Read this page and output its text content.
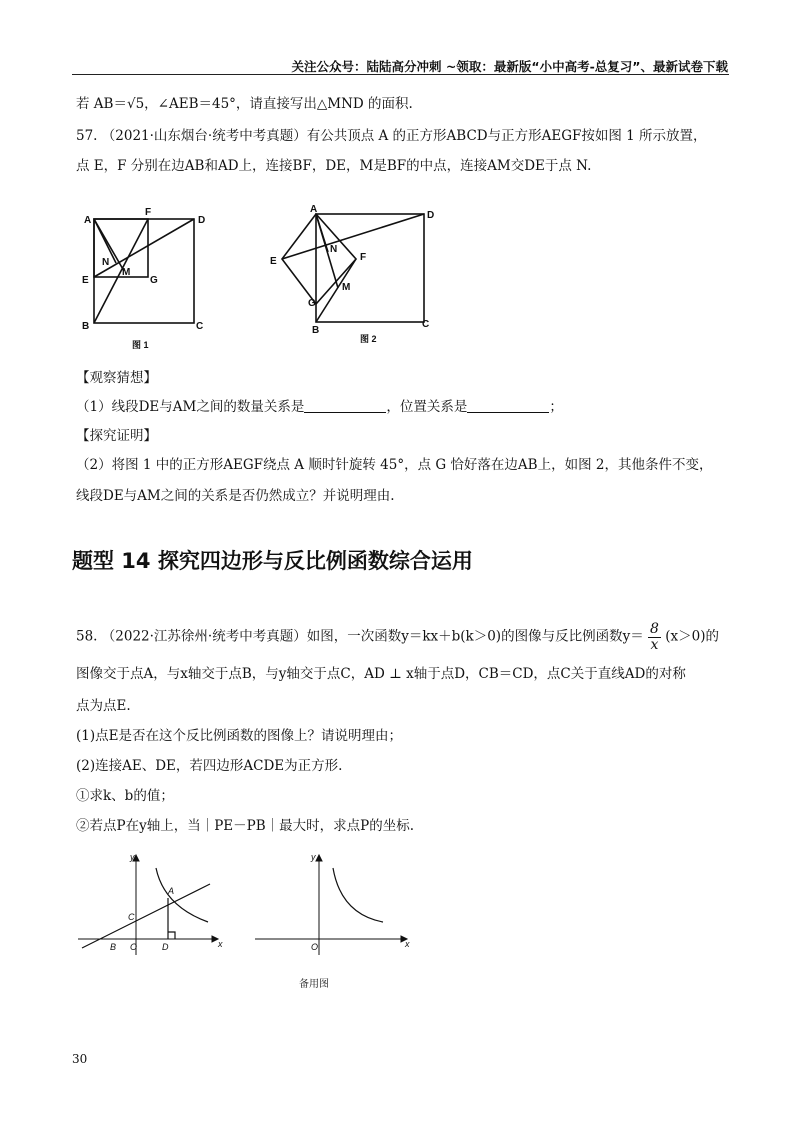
关注公众号：陆陆高分冲刺 ~领取：最新版“小中高考-总复习”、最新试卷下载
若 AB＝√5，∠AEB＝45°，请直接写出△MND 的面积.
57. （2021·山东烟台·统考中考真题）有公共顶点 A 的正方形ABCD与正方形AEGF按如图 1 所示放置，
点 E，F 分别在边AB和AD上，连接BF，DE，M是BF的中点，连接AM交DE于点 N.
A
F
D
N
M
E	G
B	C
图 1
A
D
N
F
E
M
G
B
C
图 2
【观察猜想】
（1）线段DE与AM之间的数量关系是	，位置关系是	；
【探究证明】
（2）将图 1 中的正方形AEGF绕点 A 顺时针旋转 45°，点 G 恰好落在边AB上，如图 2，其他条件不变，
线段DE与AM之间的关系是否仍然成立？并说明理由.
题型 14 探究四边形与反比例函数综合运用
58. （2022·江苏徐州·统考中考真题）如图，一次函数y＝kx＋b(k＞0)的图像与反比例函数$y= \frac{8}{x} (x>0)$的
图像交于点A，与x轴交于点B，与y轴交于点C，AD ⊥ x轴于点D，CB＝CD，点C关于直线AD的对称
点为点E.
(1)点E是否在这个反比例函数的图像上？请说明理由；
(2)连接AE、DE，若四边形ACDE为正方形.
①求k、b的值；
②若点P在y轴上，当｜PE－PB｜最大时，求点P的坐标.
y
x
O
A
B
C
D
y
x
O
备用图
30
